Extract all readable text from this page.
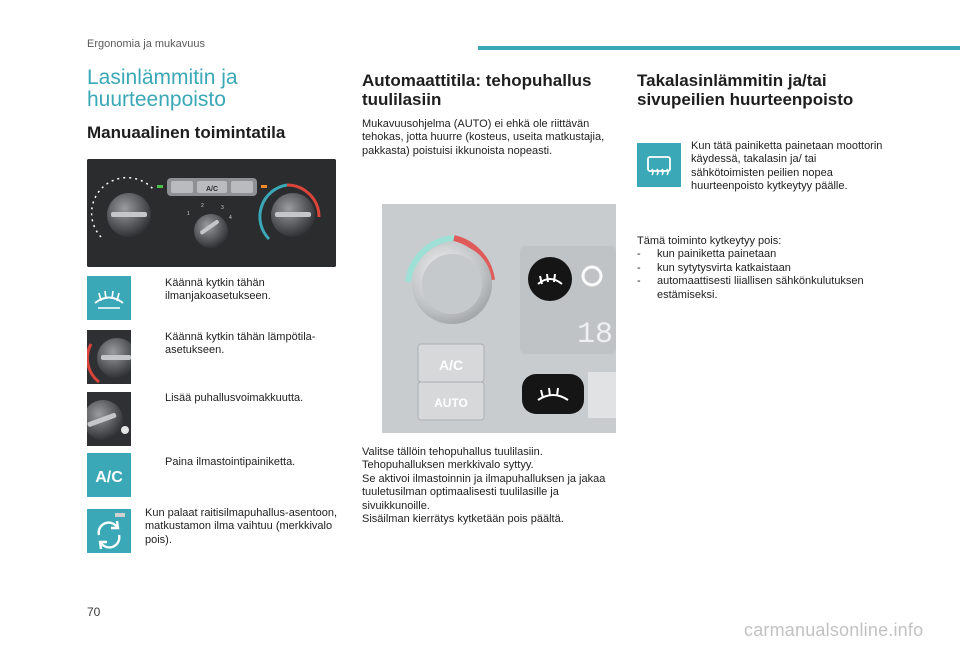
Ergonomia ja mukavuus
Lasinlämmitin ja huurteenpoisto
Manuaalinen toimintatila
A/C
1
2	3
4
Käännä kytkin tähän ilmanjakoasetukseen.
Käännä kytkin tähän lämpötila-asetukseen.
Lisää puhallusvoimakkuutta.
A/C
Paina ilmastointipainiketta.
Kun palaat raitisilmapuhallus-asentoon, matkustamon ilma vaihtuu (merkkivalo pois).
Automaattitila: tehopuhallus tuulilasiin
Mukavuusohjelma (AUTO) ei ehkä ole riittävän tehokas, jotta huurre (kosteus, useita matkustajia, pakkasta) poistuisi ikkunoista nopeasti.
18
A/C
AUTO
Valitse tällöin tehopuhallus tuulilasiin.
Tehopuhalluksen merkkivalo syttyy.
Se aktivoi ilmastoinnin ja ilmapuhalluksen ja jakaa tuuletusilman optimaalisesti tuulilasille ja sivuikkunoille.
Sisäilman kierrätys kytketään pois päältä.
Takalasinlämmitin ja/tai sivupeilien huurteenpoisto
Kun tätä painiketta painetaan moottorin käydessä, takalasin ja/ tai sähkötoimisten peilien nopea huurteenpoisto kytkeytyy päälle.
Tämä toiminto kytkeytyy pois:
- kun painiketta painetaan
- kun sytytysvirta katkaistaan
- automaattisesti liiallisen sähkönkulutuksen estämiseksi.
70
carmanualsonline.info
